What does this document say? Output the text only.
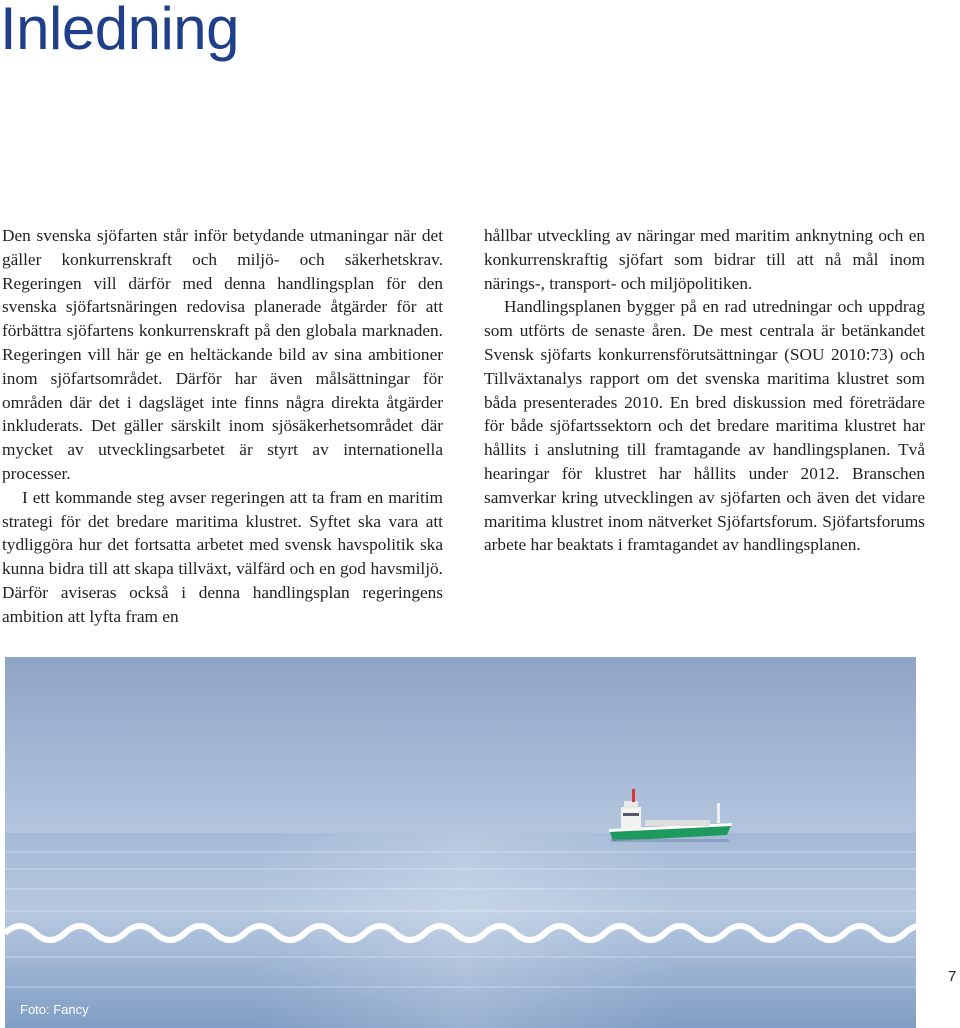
Inledning

Den svenska sjöfarten står inför betydande utmaningar när det gäller konkurrenskraft och miljö- och säkerhetskrav. Regeringen vill därför med denna handlingsplan för den svenska sjöfartsnäringen redovisa planerade åtgärder för att förbättra sjöfartens konkurrenskraft på den globala marknaden. Regeringen vill här ge en heltäckande bild av sina ambitioner inom sjöfartsområdet. Därför har även målsättningar för områden där det i dagsläget inte finns några direkta åtgärder inkluderats. Det gäller särskilt inom sjösäkerhetsområdet där mycket av utvecklingsarbetet är styrt av internationella processer.

I ett kommande steg avser regeringen att ta fram en maritim strategi för det bredare maritima klustret. Syftet ska vara att tydliggöra hur det fortsatta arbetet med svensk havspolitik ska kunna bidra till att skapa tillväxt, välfärd och en god havsmiljö. Därför aviseras också i denna handlingsplan regeringens ambition att lyfta fram en

hållbar utveckling av näringar med maritim anknytning och en konkurrenskraftig sjöfart som bidrar till att nå mål inom närings-, transport- och miljöpolitiken.

Handlingsplanen bygger på en rad utredningar och uppdrag som utförts de senaste åren. De mest centrala är betänkandet Svensk sjöfarts konkurrensförutsättningar (SOU 2010:73) och Tillväxtanalys rapport om det svenska maritima klustret som båda presenterades 2010. En bred diskussion med företrädare för både sjöfartssektorn och det bredare maritima klustret har hållits i anslutning till framtagande av handlingsplanen. Två hearingar för klustret har hållits under 2012. Branschen samverkar kring utvecklingen av sjöfarten och även det vidare maritima klustret inom nätverket Sjöfartsforum. Sjöfartsforums arbete har beaktats i framtagandet av handlingsplanen.

Foto: Fancy
7
